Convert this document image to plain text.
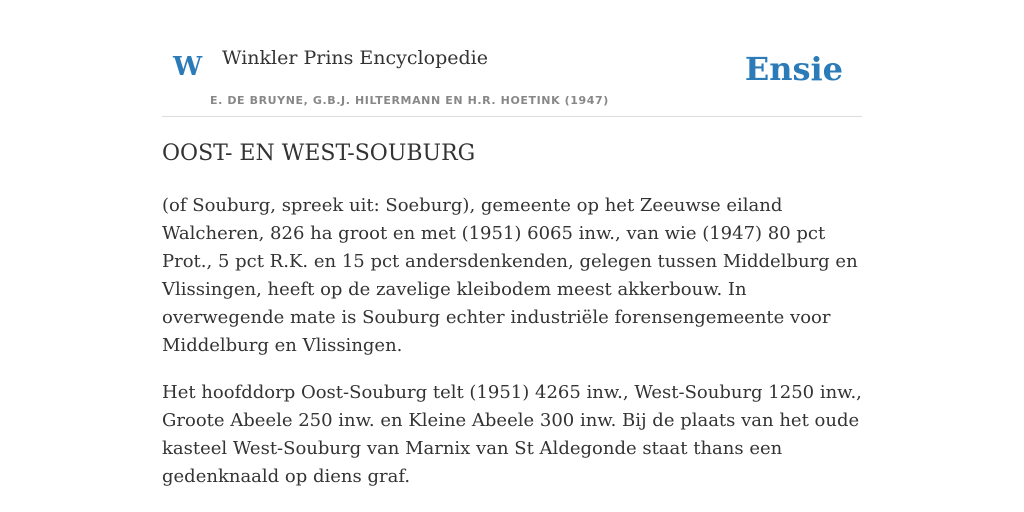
W Winkler Prins Encyclopedie
E. DE BRUYNE, G.B.J. HILTERMANN EN H.R. HOETINK (1947)
Ensie
OOST- EN WEST-SOUBURG

(of Souburg, spreek uit: Soeburg), gemeente op het Zeeuwse eiland Walcheren, 826 ha groot en met (1951) 6065 inw., van wie (1947) 80 pct Prot., 5 pct R.K. en 15 pct andersdenkenden, gelegen tussen Middelburg en Vlissingen, heeft op de zavelige kleibodem meest akkerbouw. In overwegende mate is Souburg echter industriële forensengemeente voor Middelburg en Vlissingen.

Het hoofddorp Oost-Souburg telt (1951) 4265 inw., West-Souburg 1250 inw., Groote Abeele 250 inw. en Kleine Abeele 300 inw. Bij de plaats van het oude kasteel West-Souburg van Marnix van St Aldegonde staat thans een gedenknaald op diens graf.
